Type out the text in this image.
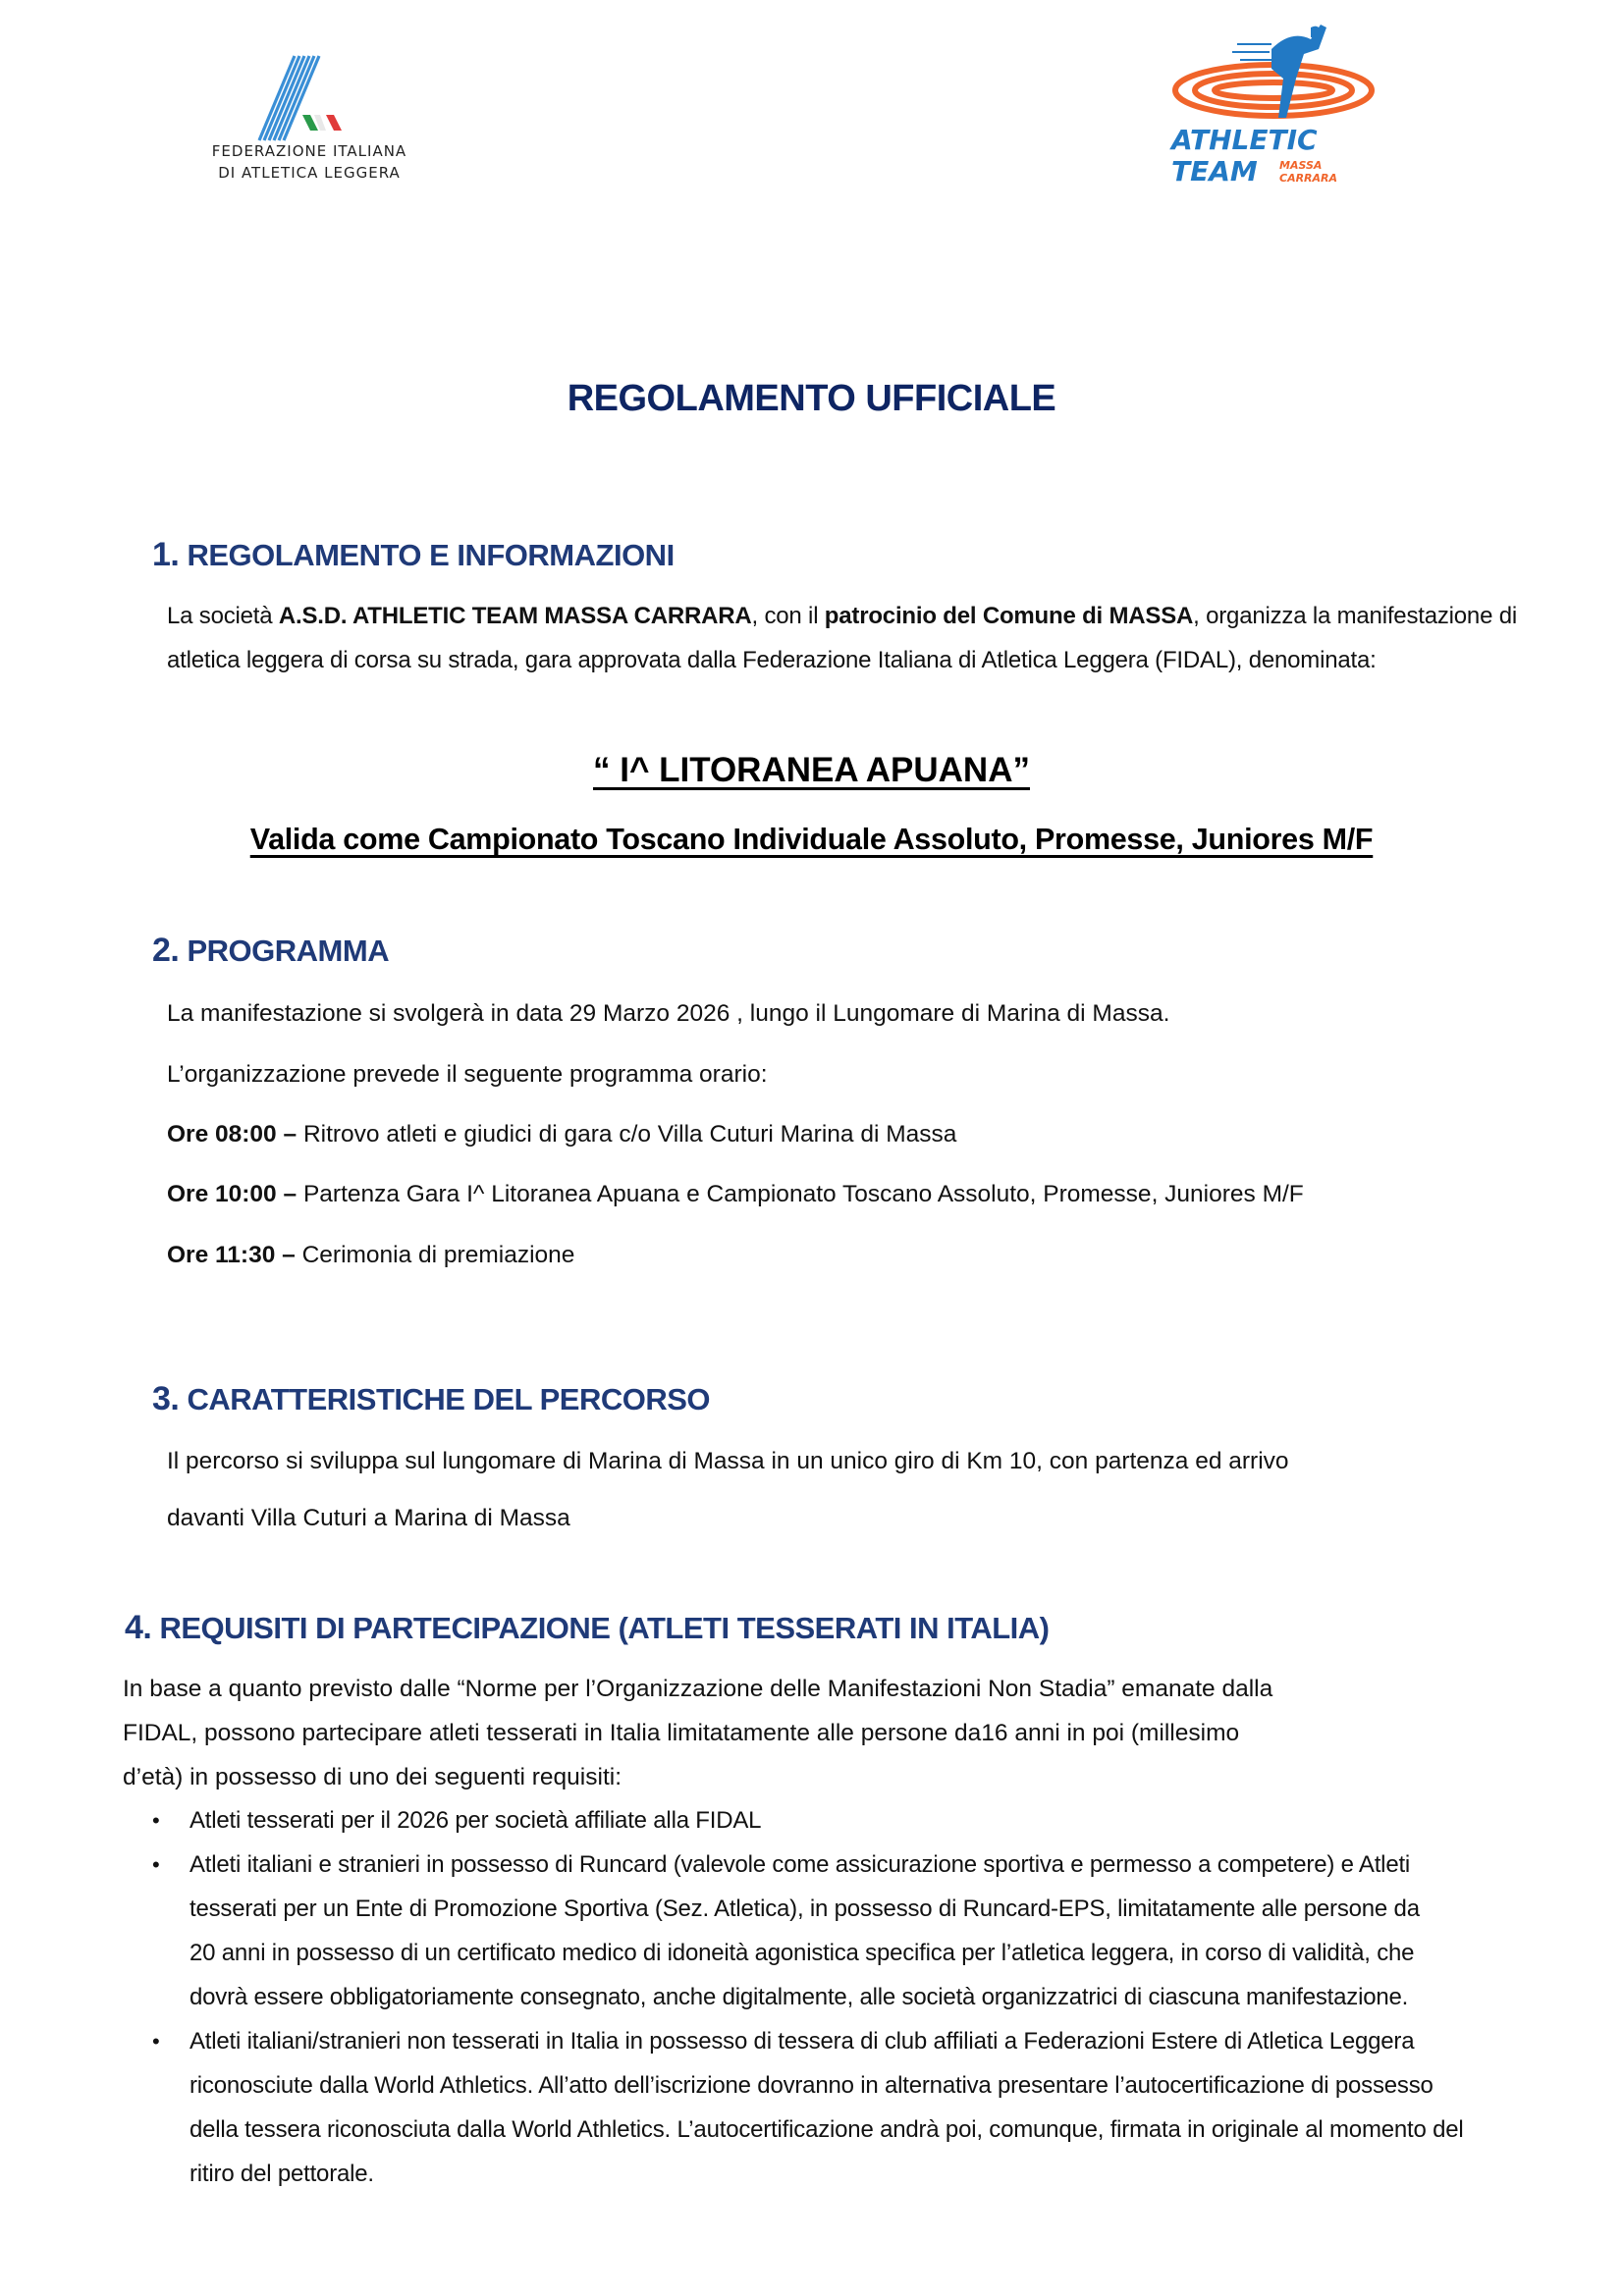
FEDERAZIONE ITALIANA
DI ATLETICA LEGGERA
ATHLETIC
TEAM MASSA
CARRARA
REGOLAMENTO UFFICIALE
1. REGOLAMENTO E INFORMAZIONI
La società A.S.D. ATHLETIC TEAM MASSA CARRARA, con il patrocinio del Comune di MASSA, organizza la manifestazione di atletica leggera di corsa su strada, gara approvata dalla Federazione Italiana di Atletica Leggera (FIDAL), denominata:
“ I^ LITORANEA APUANA”
Valida come Campionato Toscano Individuale Assoluto, Promesse, Juniores M/F
2. PROGRAMMA
La manifestazione si svolgerà in data 29 Marzo 2026 , lungo il Lungomare di Marina di Massa.
L’organizzazione prevede il seguente programma orario:
Ore 08:00 – Ritrovo atleti e giudici di gara c/o Villa Cuturi Marina di Massa
Ore 10:00 – Partenza Gara I^ Litoranea Apuana e Campionato Toscano Assoluto, Promesse, Juniores M/F
Ore 11:30 – Cerimonia di premiazione
3. CARATTERISTICHE DEL PERCORSO
Il percorso si sviluppa sul lungomare di Marina di Massa in un unico giro di Km 10, con partenza ed arrivo
davanti Villa Cuturi a Marina di Massa
4. REQUISITI DI PARTECIPAZIONE (ATLETI TESSERATI IN ITALIA)
In base a quanto previsto dalle “Norme per l’Organizzazione delle Manifestazioni Non Stadia” emanate dalla
FIDAL, possono partecipare atleti tesserati in Italia limitatamente alle persone da16 anni in poi (millesimo
d’età) in possesso di uno dei seguenti requisiti:
• Atleti tesserati per il 2026 per società affiliate alla FIDAL
• Atleti italiani e stranieri in possesso di Runcard (valevole come assicurazione sportiva e permesso a competere) e Atleti tesserati per un Ente di Promozione Sportiva (Sez. Atletica), in possesso di Runcard-EPS, limitatamente alle persone da 20 anni in possesso di un certificato medico di idoneità agonistica specifica per l’atletica leggera, in corso di validità, che dovrà essere obbligatoriamente consegnato, anche digitalmente, alle società organizzatrici di ciascuna manifestazione.
• Atleti italiani/stranieri non tesserati in Italia in possesso di tessera di club affiliati a Federazioni Estere di Atletica Leggera riconosciute dalla World Athletics. All’atto dell’iscrizione dovranno in alternativa presentare l’autocertificazione di possesso della tessera riconosciuta dalla World Athletics. L’autocertificazione andrà poi, comunque, firmata in originale al momento del ritiro del pettorale.
